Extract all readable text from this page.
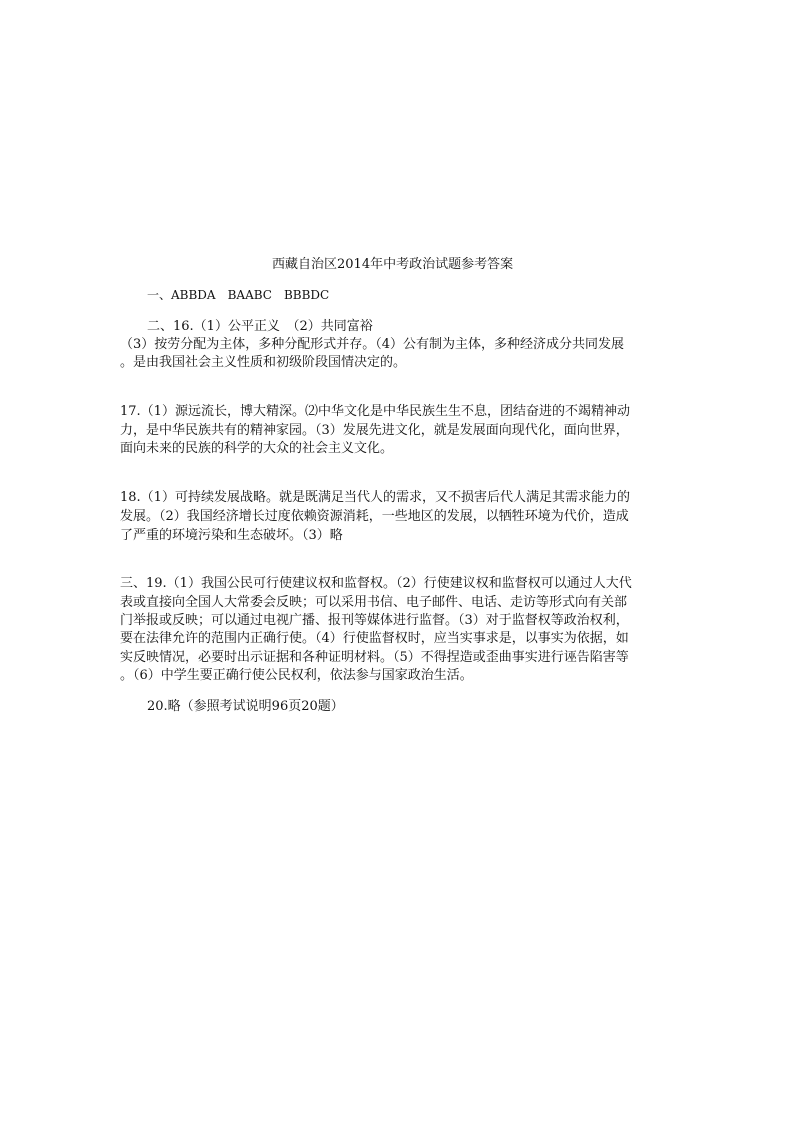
西藏自治区2014年中考政治试题参考答案
一、ABBDA　BAABC　BBBDC
二、16.（1）公平正义　（2）共同富裕
（3）按劳分配为主体，多种分配形式并存。（4）公有制为主体，多种经济成分共同发展
。是由我国社会主义性质和初级阶段国情决定的。
17.（1）源远流长，博大精深。⑵中华文化是中华民族生生不息，团结奋进的不竭精神动
力，是中华民族共有的精神家园。（3）发展先进文化，就是发展面向现代化，面向世界，
面向未来的民族的科学的大众的社会主义文化。
18.（1）可持续发展战略。就是既满足当代人的需求，又不损害后代人满足其需求能力的
发展。（2）我国经济增长过度依赖资源消耗，一些地区的发展，以牺牲环境为代价，造成
了严重的环境污染和生态破坏。（3）略
三、19.（1）我国公民可行使建议权和监督权。（2）行使建议权和监督权可以通过人大代
表或直接向全国人大常委会反映；可以采用书信、电子邮件、电话、走访等形式向有关部
门举报或反映；可以通过电视广播、报刊等媒体进行监督。（3）对于监督权等政治权利，
要在法律允许的范围内正确行使。（4）行使监督权时，应当实事求是，以事实为依据，如
实反映情况，必要时出示证据和各种证明材料。（5）不得捏造或歪曲事实进行诬告陷害等
。（6）中学生要正确行使公民权利，依法参与国家政治生活。
20.略（参照考试说明96页20题）
